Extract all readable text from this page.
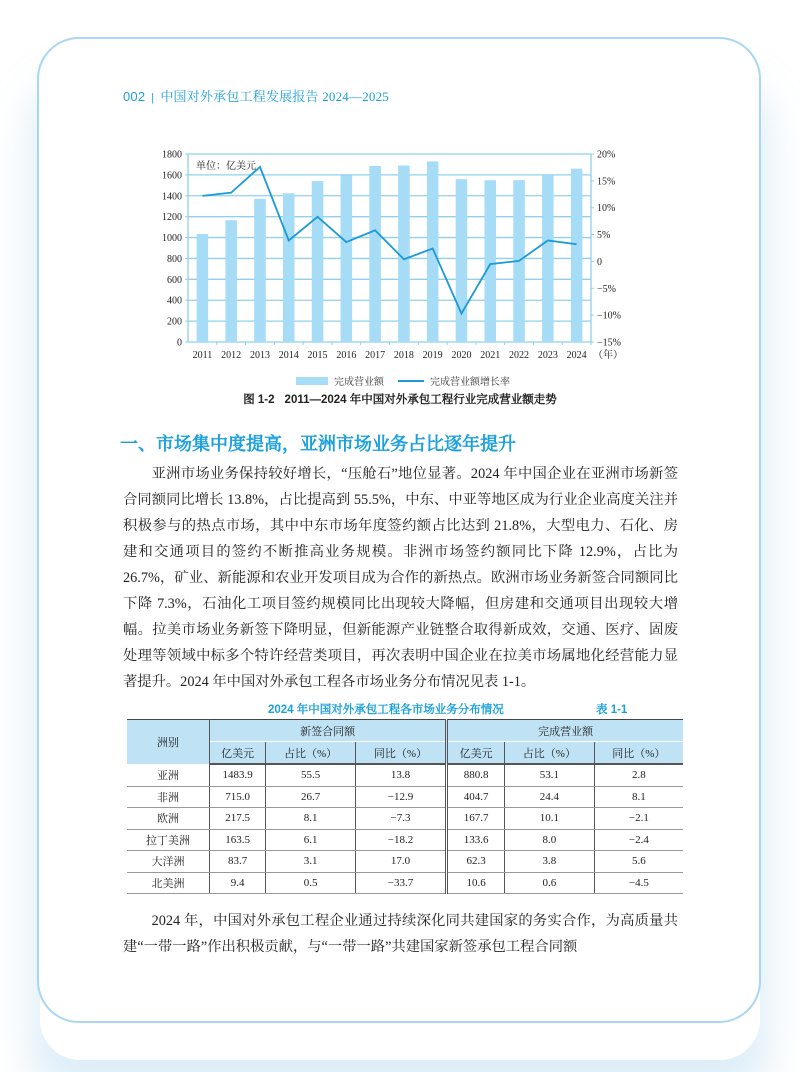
002 | 中国对外承包工程发展报告 2024—2025
0
200
400
600
800
1000
1200
1400
1600
1800
−15%
−10%
−5%
0
5%
10%
15%
20%
2011 2012 2013 2014 2015 2016 2017 2018 2019 2020 2021 2022 2023 2024 （年）
单位：亿美元
完成营业额	完成营业额增长率
图 1-2 2011—2024 年中国对外承包工程行业完成营业额走势
一、市场集中度提高，亚洲市场业务占比逐年提升

亚洲市场业务保持较好增长，“压舱石”地位显著。2024 年中国企业在亚洲市场新签合同额同比增长 13.8%，占比提高到 55.5%，中东、中亚等地区成为行业企业高度关注并积极参与的热点市场，其中中东市场年度签约额占比达到 21.8%，大型电力、石化、房建和交通项目的签约不断推高业务规模。非洲市场签约额同比下降 12.9%，占比为 26.7%，矿业、新能源和农业开发项目成为合作的新热点。欧洲市场业务新签合同额同比下降 7.3%，石油化工项目签约规模同比出现较大降幅，但房建和交通项目出现较大增幅。拉美市场业务新签下降明显，但新能源产业链整合取得新成效，交通、医疗、固废处理等领域中标多个特许经营类项目，再次表明中国企业在拉美市场属地化经营能力显著提升。2024 年中国对外承包工程各市场业务分布情况见表 1-1。

2024 年中国对外承包工程各市场业务分布情况	表 1-1
洲别	新签合同额			完成营业额		
	亿美元	占比（%）	同比（%）	亿美元	占比（%）	同比（%）
亚洲	1483.9	55.5	13.8	880.8	53.1	2.8
非洲	715.0	26.7	−12.9	404.7	24.4	8.1
欧洲	217.5	8.1	−7.3	167.7	10.1	−2.1
拉丁美洲	163.5	6.1	−18.2	133.6	8.0	−2.4
大洋洲	83.7	3.1	17.0	62.3	3.8	5.6
北美洲	9.4	0.5	−33.7	10.6	0.6	−4.5

2024 年，中国对外承包工程企业通过持续深化同共建国家的务实合作，为高质量共建“一带一路”作出积极贡献，与“一带一路”共建国家新签承包工程合同额
